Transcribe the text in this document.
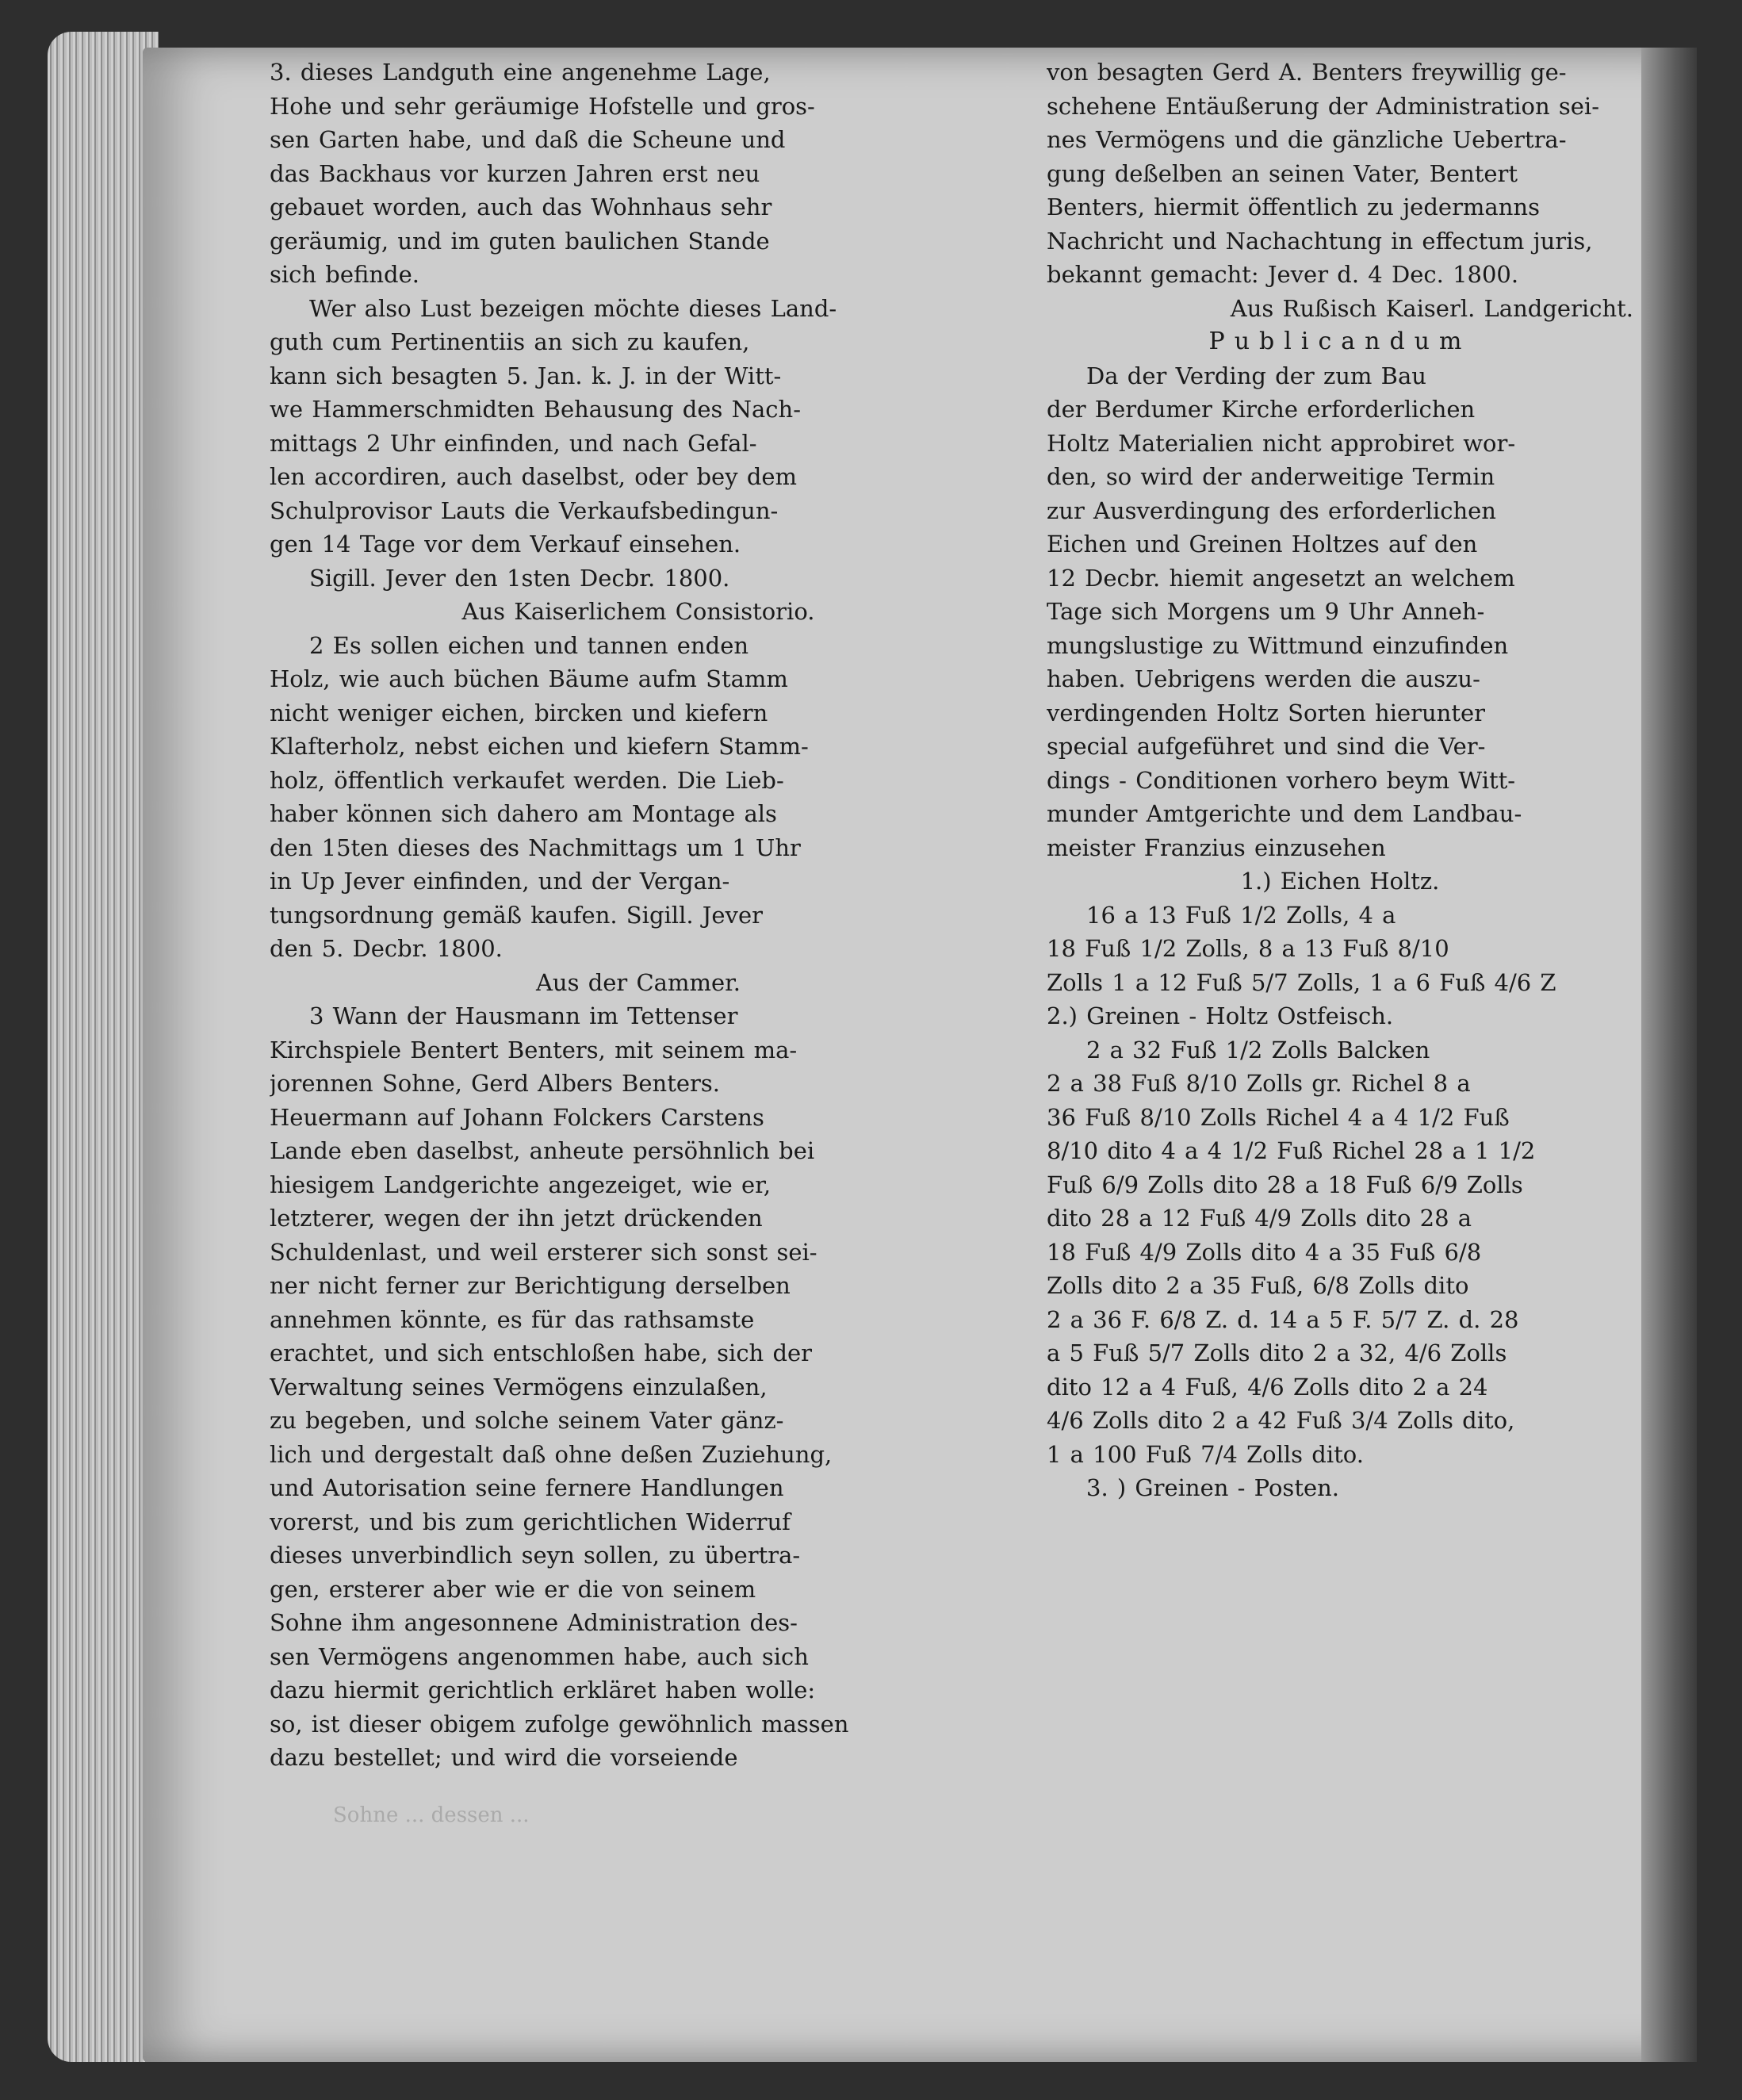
3. dieses Landguth eine angenehme Lage,
Hohe und sehr geräumige Hofstelle und gros-
sen Garten habe, und daß die Scheune und
das Backhaus vor kurzen Jahren erst neu
gebauet worden, auch das Wohnhaus sehr
geräumig, und im guten baulichen Stande
sich befinde.
Wer also Lust bezeigen möchte dieses Land-
guth cum Pertinentiis an sich zu kaufen,
kann sich besagten 5. Jan. k. J. in der Witt-
we Hammerschmidten Behausung des Nach-
mittags 2 Uhr einfinden, und nach Gefal-
len accordiren, auch daselbst, oder bey dem
Schulprovisor Lauts die Verkaufsbedingun-
gen 14 Tage vor dem Verkauf einsehen.
Sigill. Jever den 1sten Decbr. 1800.
Aus Kaiserlichem Consistorio.
2 Es sollen eichen und tannen enden
Holz, wie auch büchen Bäume aufm Stamm
nicht weniger eichen, bircken und kiefern
Klafterholz, nebst eichen und kiefern Stamm-
holz, öffentlich verkaufet werden. Die Lieb-
haber können sich dahero am Montage als
den 15ten dieses des Nachmittags um 1 Uhr
in Up Jever einfinden, und der Vergan-
tungsordnung gemäß kaufen. Sigill. Jever
den 5. Decbr. 1800.
Aus der Cammer.
3 Wann der Hausmann im Tettenser
Kirchspiele Bentert Benters, mit seinem ma-
jorennen Sohne, Gerd Albers Benters.
Heuermann auf Johann Folckers Carstens
Lande eben daselbst, anheute persöhnlich bei
hiesigem Landgerichte angezeiget, wie er,
letzterer, wegen der ihn jetzt drückenden
Schuldenlast, und weil ersterer sich sonst sei-
ner nicht ferner zur Berichtigung derselben
annehmen könnte, es für das rathsamste
erachtet, und sich entschloßen habe, sich der
Verwaltung seines Vermögens einzulaßen,
zu begeben, und solche seinem Vater gänz-
lich und dergestalt daß ohne deßen Zuziehung,
und Autorisation seine fernere Handlungen
vorerst, und bis zum gerichtlichen Widerruf
dieses unverbindlich seyn sollen, zu übertra-
gen, ersterer aber wie er die von seinem
Sohne ihm angesonnene Administration des-
sen Vermögens angenommen habe, auch sich
dazu hiermit gerichtlich erkläret haben wolle:
so, ist dieser obigem zufolge gewöhnlich massen
dazu bestellet; und wird die vorseiende

Sohne ... dessen ...

von besagten Gerd A. Benters freywillig ge-
schehene Entäußerung der Administration sei-
nes Vermögens und die gänzliche Uebertra-
gung deßelben an seinen Vater, Bentert
Benters, hiermit öffentlich zu jedermanns
Nachricht und Nachachtung in effectum juris,
bekannt gemacht: Jever d. 4 Dec. 1800.
Aus Rußisch Kaiserl. Landgericht.
Publicandum
Da der Verding der zum Bau
der Berdumer Kirche erforderlichen
Holtz Materialien nicht approbiret wor-
den, so wird der anderweitige Termin
zur Ausverdingung des erforderlichen
Eichen und Greinen Holtzes auf den
12 Decbr. hiemit angesetzt an welchem
Tage sich Morgens um 9 Uhr Anneh-
mungslustige zu Wittmund einzufinden
haben. Uebrigens werden die auszu-
verdingenden Holtz Sorten hierunter
special aufgeführet und sind die Ver-
dings - Conditionen vorhero beym Witt-
munder Amtgerichte und dem Landbau-
meister Franzius einzusehen
1.) Eichen Holtz.
16 a 13 Fuß 1/2 Zolls, 4 a
18 Fuß 1/2 Zolls, 8 a 13 Fuß 8/10
Zolls 1 a 12 Fuß 5/7 Zolls, 1 a 6 Fuß 4/6 Z
2.) Greinen - Holtz Ostfeisch.
2 a 32 Fuß 1/2 Zolls Balcken
2 a 38 Fuß 8/10 Zolls gr. Richel 8 a
36 Fuß 8/10 Zolls Richel 4 a 4 1/2 Fuß
8/10 dito 4 a 4 1/2 Fuß Richel 28 a 1 1/2
Fuß 6/9 Zolls dito 28 a 18 Fuß 6/9 Zolls
dito 28 a 12 Fuß 4/9 Zolls dito 28 a
18 Fuß 4/9 Zolls dito 4 a 35 Fuß 6/8
Zolls dito 2 a 35 Fuß, 6/8 Zolls dito
2 a 36 F. 6/8 Z. d. 14 a 5 F. 5/7 Z. d. 28
a 5 Fuß 5/7 Zolls dito 2 a 32, 4/6 Zolls
dito 12 a 4 Fuß, 4/6 Zolls dito 2 a 24
4/6 Zolls dito 2 a 42 Fuß 3/4 Zolls dito,
1 a 100 Fuß 7/4 Zolls dito.
3. ) Greinen - Posten.
